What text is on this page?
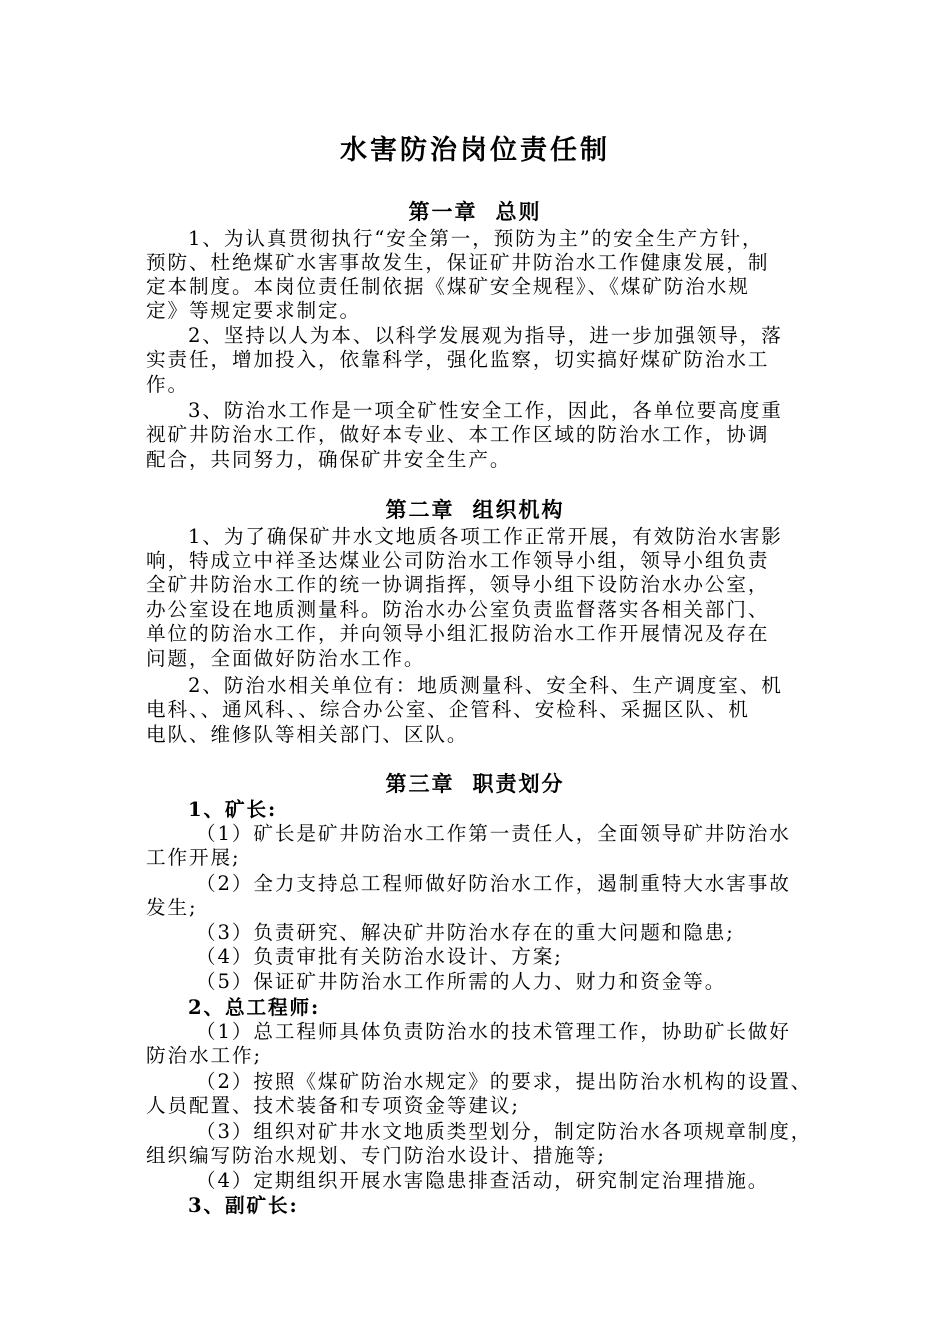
水害防治岗位责任制
第一章 总则
1、为认真贯彻执行“安全第一，预防为主”的安全生产方针，
预防、杜绝煤矿水害事故发生，保证矿井防治水工作健康发展，制
定本制度。本岗位责任制依据《煤矿安全规程》、《煤矿防治水规
定》等规定要求制定。
2、坚持以人为本、以科学发展观为指导，进一步加强领导，落
实责任，增加投入，依靠科学，强化监察，切实搞好煤矿防治水工
作。
3、防治水工作是一项全矿性安全工作，因此，各单位要高度重
视矿井防治水工作，做好本专业、本工作区域的防治水工作，协调
配合，共同努力，确保矿井安全生产。
第二章 组织机构
1、为了确保矿井水文地质各项工作正常开展，有效防治水害影
响，特成立中祥圣达煤业公司防治水工作领导小组，领导小组负责
全矿井防治水工作的统一协调指挥，领导小组下设防治水办公室，
办公室设在地质测量科。防治水办公室负责监督落实各相关部门、
单位的防治水工作，并向领导小组汇报防治水工作开展情况及存在
问题，全面做好防治水工作。
2、防治水相关单位有：地质测量科、安全科、生产调度室、机
电科、、通风科、、综合办公室、企管科、安检科、采掘区队、机
电队、维修队等相关部门、区队。
第三章 职责划分
1、矿长:
（1）矿长是矿井防治水工作第一责任人，全面领导矿井防治水
工作开展;
（2）全力支持总工程师做好防治水工作，遏制重特大水害事故
发生;
（3）负责研究、解决矿井防治水存在的重大问题和隐患;
（4）负责审批有关防治水设计、方案;
（5）保证矿井防治水工作所需的人力、财力和资金等。
2、总工程师:
（1）总工程师具体负责防治水的技术管理工作，协助矿长做好
防治水工作;
（2）按照《煤矿防治水规定》的要求，提出防治水机构的设置、
人员配置、技术装备和专项资金等建议;
（3）组织对矿井水文地质类型划分，制定防治水各项规章制度，
组织编写防治水规划、专门防治水设计、措施等;
（4）定期组织开展水害隐患排查活动，研究制定治理措施。
3、副矿长:
